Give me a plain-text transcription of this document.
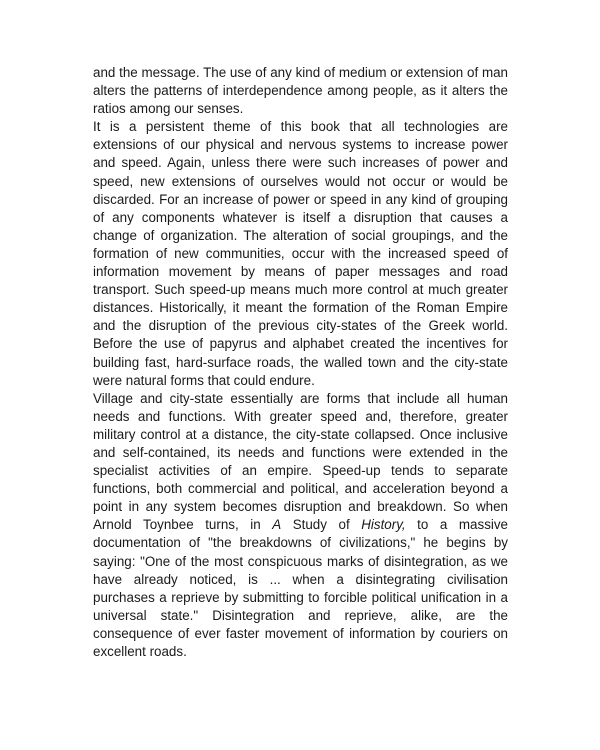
and the message. The use of any kind of medium or extension of man alters the patterns of interdependence among people, as it alters the ratios among our senses.

It is a persistent theme of this book that all technologies are extensions of our physical and nervous systems to increase power and speed. Again, unless there were such increases of power and speed, new extensions of ourselves would not occur or would be discarded. For an increase of power or speed in any kind of grouping of any components whatever is itself a disruption that causes a change of organization. The alteration of social groupings, and the formation of new communities, occur with the increased speed of information movement by means of paper messages and road transport. Such speed-up means much more control at much greater distances. Historically, it meant the formation of the Roman Empire and the disruption of the previous city-states of the Greek world. Before the use of papyrus and alphabet created the incentives for building fast, hard-surface roads, the walled town and the city-state were natural forms that could endure.

Village and city-state essentially are forms that include all human needs and functions. With greater speed and, therefore, greater military control at a distance, the city-state collapsed. Once inclusive and self-contained, its needs and functions were extended in the specialist activities of an empire. Speed-up tends to separate functions, both commercial and political, and acceleration beyond a point in any system becomes disruption and breakdown. So when Arnold Toynbee turns, in A Study of History, to a massive documentation of "the breakdowns of civilizations," he begins by saying: "One of the most conspicuous marks of disintegration, as we have already noticed, is ... when a disintegrating civilisation purchases a reprieve by submitting to forcible political unification in a universal state." Disintegration and reprieve, alike, are the consequence of ever faster movement of information by couriers on excellent roads.
